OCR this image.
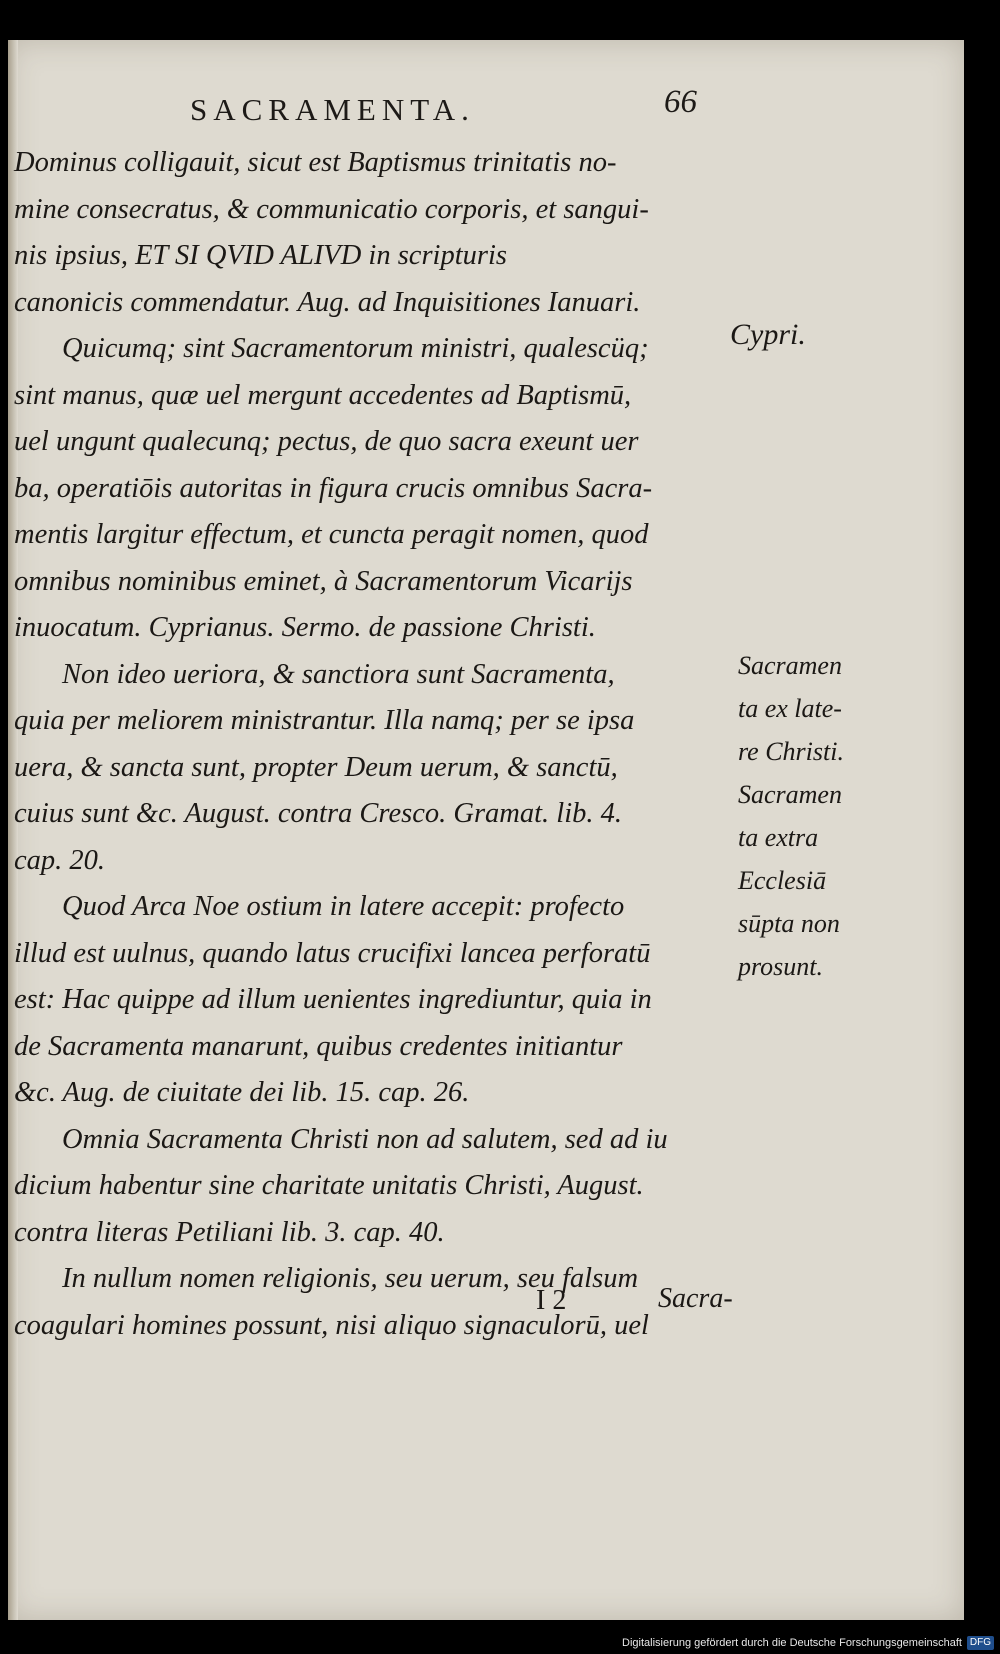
SACRAMENTA.	66

Dominus colligauit, sicut est Baptismus trinitatis no-
mine consecratus, & communicatio corporis, et sangui-
nis ipsius, ET SI QVID ALIVD in scripturis
canonicis commendatur. Aug. ad Inquisitiones Ianuari.

Quicumq; sint Sacramentorum ministri, qualescüq;
sint manus, quæ uel mergunt accedentes ad Baptismū,
uel ungunt qualecunq; pectus, de quo sacra exeunt uer
ba, operatiōis autoritas in figura crucis omnibus Sacra-
mentis largitur effectum, et cuncta peragit nomen, quod
omnibus nominibus eminet, à Sacramentorum Vicarijs
inuocatum. Cyprianus. Sermo. de passione Christi.

Non ideo ueriora, & sanctiora sunt Sacramenta,
quia per meliorem ministrantur. Illa namq; per se ipsa
uera, & sancta sunt, propter Deum uerum, & sanctū,
cuius sunt &c. August. contra Cresco. Gramat. lib. 4.
cap. 20.

Quod Arca Noe ostium in latere accepit: profecto
illud est uulnus, quando latus crucifixi lancea perforatū
est: Hac quippe ad illum uenientes ingrediuntur, quia in
de Sacramenta manarunt, quibus credentes initiantur
&c. Aug. de ciuitate dei lib. 15. cap. 26.

Omnia Sacramenta Christi non ad salutem, sed ad iu
dicium habentur sine charitate unitatis Christi, August.
contra literas Petiliani lib. 3. cap. 40.

In nullum nomen religionis, seu uerum, seu falsum
coagulari homines possunt, nisi aliquo signaculorū, uel

Cypri.
Sacramen
ta ex late-
re Christi.
Sacramen
ta extra
Ecclesiā
sūpta non
prosunt.
I 2	Sacra-
Digitalisierung gefördert durch die Deutsche Forschungsgemeinschaft DFG
